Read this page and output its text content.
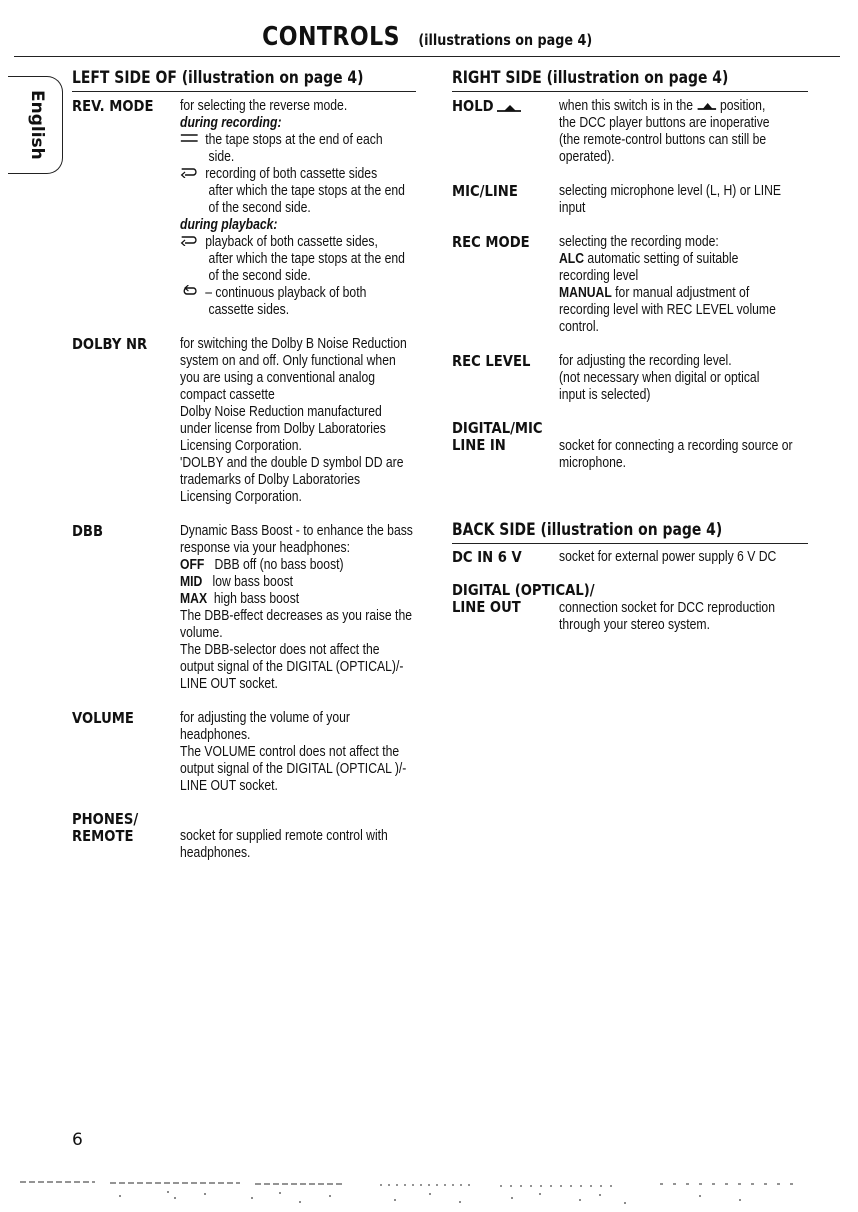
CONTROLS (illustrations on page 4)
English
LEFT SIDE OF (illustration on page 4)
REV. MODE	for selecting the reverse mode.
during recording:
the tape stops at the end of each
side.
recording of both cassette sides
after which the tape stops at the end
of the second side.
during playback:
playback of both cassette sides,
after which the tape stops at the end
of the second side.
– continuous playback of both
cassette sides.
DOLBY NR	for switching the Dolby B Noise Reduction
system on and off. Only functional when
you are using a conventional analog
compact cassette
Dolby Noise Reduction manufactured
under license from Dolby Laboratories
Licensing Corporation.
'DOLBY and the double D symbol DD are
trademarks of Dolby Laboratories
Licensing Corporation.
DBB	Dynamic Bass Boost - to enhance the bass
response via your headphones:
OFF DBB off (no bass boost)
MID low bass boost
MAX high bass boost
The DBB-effect decreases as you raise the
volume.
The DBB-selector does not affect the
output signal of the DIGITAL (OPTICAL)/-
LINE OUT socket.
VOLUME	for adjusting the volume of your
headphones.
The VOLUME control does not affect the
output signal of the DIGITAL (OPTICAL )/-
LINE OUT socket.
PHONES/
REMOTE	socket for supplied remote control with
headphones.
RIGHT SIDE (illustration on page 4)
HOLD	when this switch is in the position,
the DCC player buttons are inoperative
(the remote-control buttons can still be
operated).
MIC/LINE	selecting microphone level (L, H) or LINE
input
REC MODE	selecting the recording mode:
ALC automatic setting of suitable
recording level
MANUAL for manual adjustment of
recording level with REC LEVEL volume
control.
REC LEVEL	for adjusting the recording level.
(not necessary when digital or optical
input is selected)
DIGITAL/MIC
LINE IN	socket for connecting a recording source or
microphone.
BACK SIDE (illustration on page 4)
DC IN 6 V	socket for external power supply 6 V DC
DIGITAL (OPTICAL)/
LINE OUT	connection socket for DCC reproduction
through your stereo system.
6
